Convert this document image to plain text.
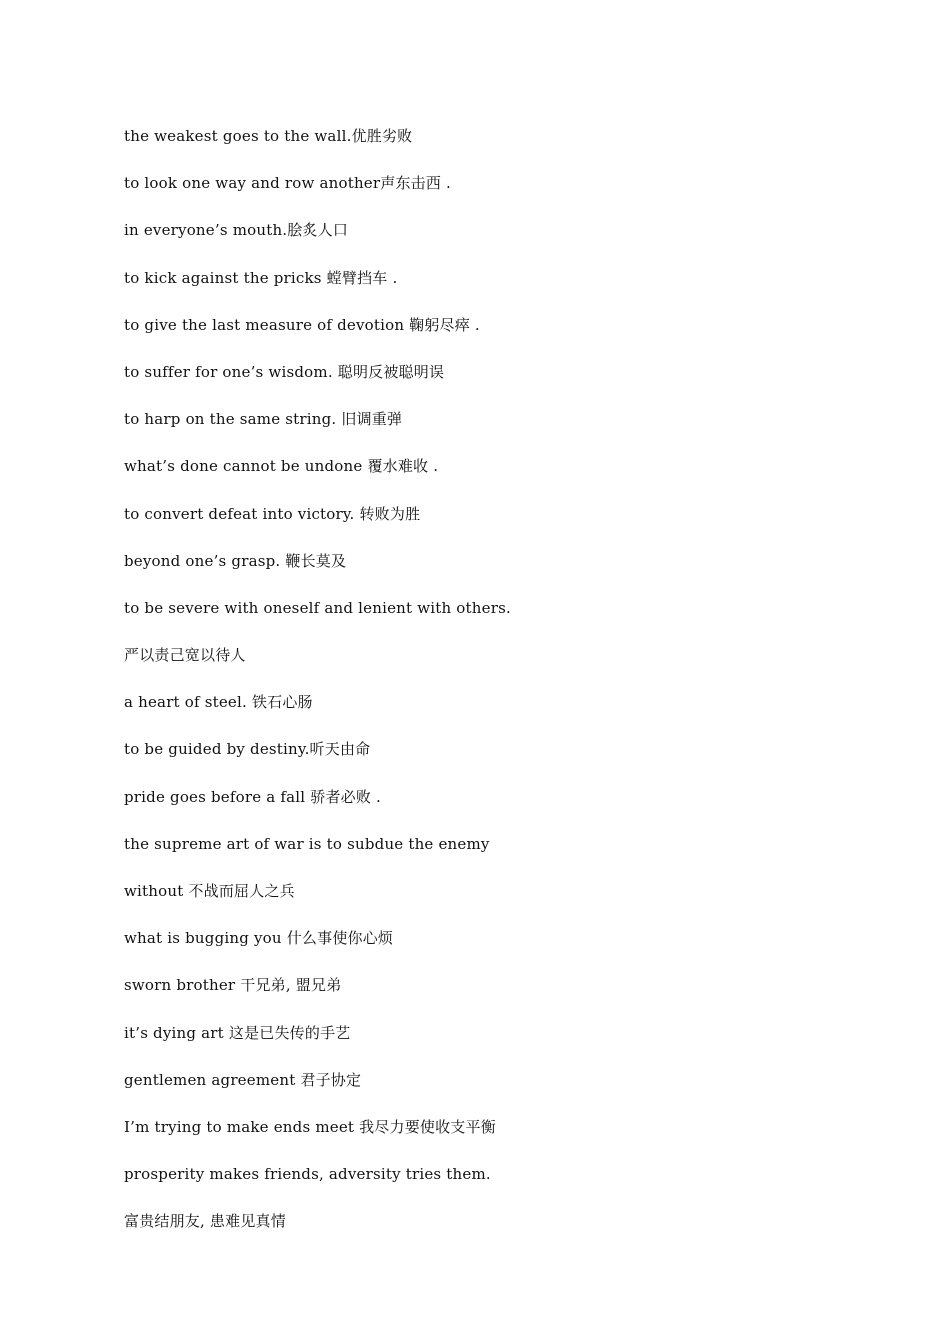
the weakest goes to the wall.优胜劣败
to look one way and row another声东击西 .
in everyone’s mouth.脍炙人口
to kick against the pricks 螳臂挡车 .
to give the last measure of devotion 鞠躬尽瘁 .
to suffer for one’s wisdom. 聪明反被聪明误
to harp on the same string. 旧调重弹
what’s done cannot be undone 覆水难收 .
to convert defeat into victory. 转败为胜
beyond one’s grasp. 鞭长莫及
to be severe with oneself and lenient with others.
严以责己宽以待人
a heart of steel. 铁石心肠
to be guided by destiny.听天由命
pride goes before a fall 骄者必败 .
the supreme art of war is to subdue the enemy
without 不战而屈人之兵
what is bugging you 什么事使你心烦
sworn brother 干兄弟, 盟兄弟
it’s dying art 这是已失传的手艺
gentlemen agreement 君子协定
I’m trying to make ends meet 我尽力要使收支平衡
prosperity makes friends, adversity tries them.
富贵结朋友, 患难见真情
